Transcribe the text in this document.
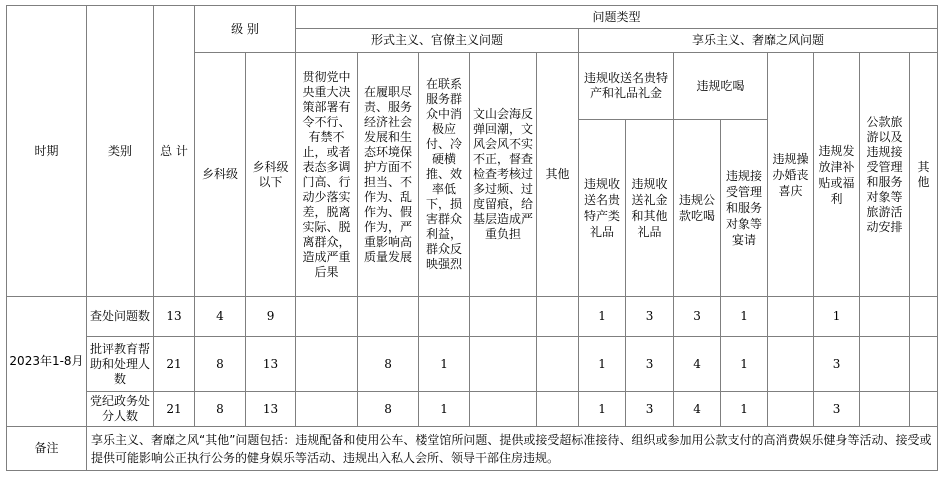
时期	类别	总 计	级 别		问题类型												
					形式主义、官僚主义问题					享乐主义、奢靡之风问题							
			乡科级	乡科级以下	贯彻党中央重大决策部署有令不行、有禁不止，或者表态多调门高、行动少落实差，脱离实际、脱离群众，造成严重后果	在履职尽责、服务经济社会发展和生态环境保护方面不担当、不作为、乱作为、假作为，严重影响高质量发展	在联系服务群众中消极应付、冷硬横推、效率低下，损害群众利益，群众反映强烈	文山会海反弹回潮，文风会风不实不正，督查检查考核过多过频、过度留痕，给基层造成严重负担	其他	违规收送名贵特产和礼品礼金		违规吃喝		违规操办婚丧喜庆	违规发放津补贴或福利	公款旅游以及违规接受管理和服务对象等旅游活动安排	其他
										违规收送名贵特产类礼品	违规收送礼金和其他礼品	违规公款吃喝	违规接受管理和服务对象等宴请				

2023年1-8月	查处问题数	13	4	9						1	3	3	1		1		
	批评教育帮助和处理人数	21	8	13		8	1			1	3	4	1		3		
	党纪政务处分人数	21	8	13		8	1			1	3	4	1		3		
备注	享乐主义、奢靡之风“其他”问题包括：违规配备和使用公车、楼堂馆所问题、提供或接受超标准接待、组织或参加用公款支付的高消费娱乐健身等活动、接受或提供可能影响公正执行公务的健身娱乐等活动、违规出入私人会所、领导干部住房违规。																
